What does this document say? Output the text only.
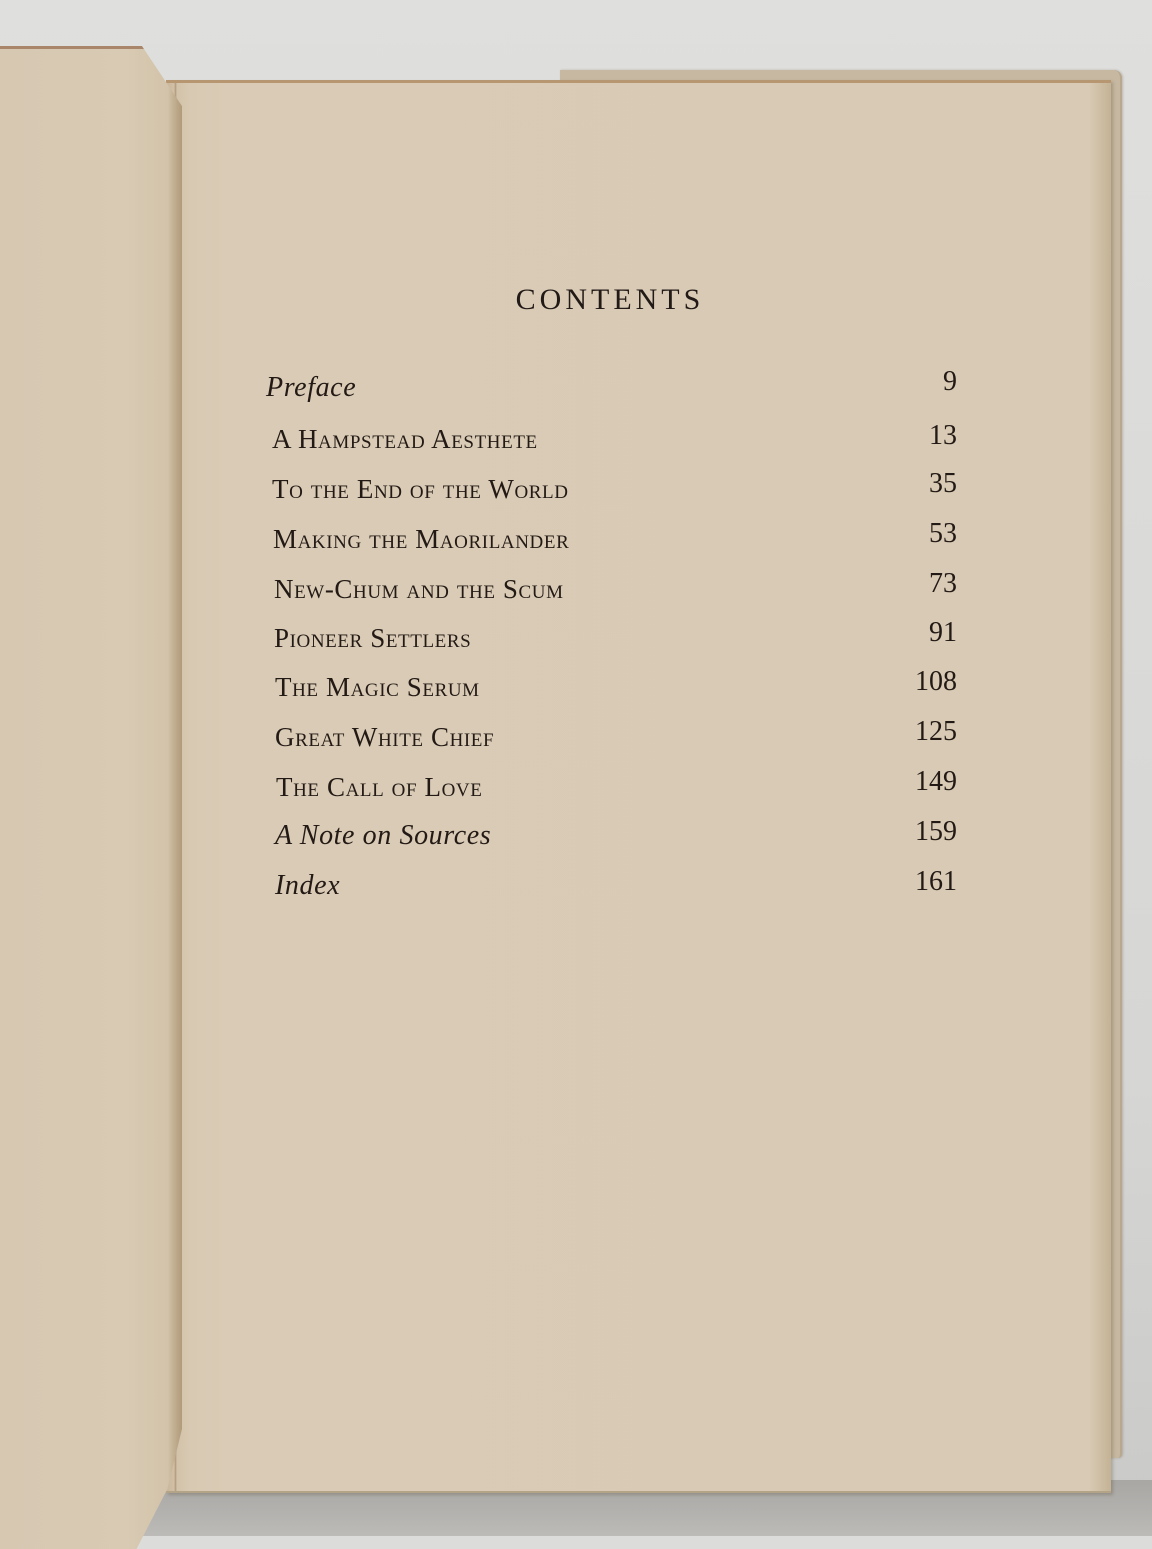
CONTENTS
Preface	9
A Hampstead Aesthete	13
To the End of the World	35
Making the Maorilander	53
New-Chum and the Scum	73
Pioneer Settlers	91
The Magic Serum	108
Great White Chief	125
The Call of Love	149
A Note on Sources	159
Index	161
